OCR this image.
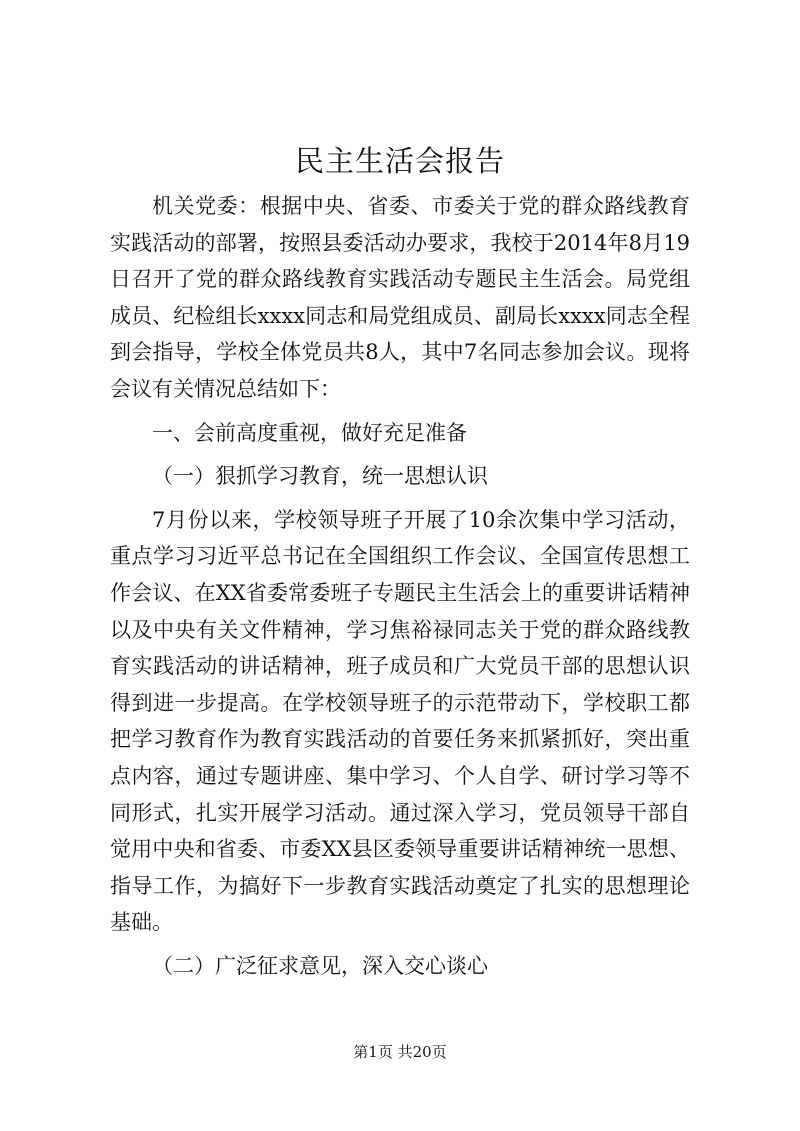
民主生活会报告

机关党委：根据中央、省委、市委关于党的群众路线教育实践活动的部署，按照县委活动办要求，我校于2014年8月19日召开了党的群众路线教育实践活动专题民主生活会。局党组成员、纪检组长xxxx同志和局党组成员、副局长xxxx同志全程到会指导，学校全体党员共8人，其中7名同志参加会议。现将会议有关情况总结如下：

一、会前高度重视，做好充足准备

（一）狠抓学习教育，统一思想认识

7月份以来，学校领导班子开展了10余次集中学习活动，重点学习习近平总书记在全国组织工作会议、全国宣传思想工作会议、在XX省委常委班子专题民主生活会上的重要讲话精神以及中央有关文件精神，学习焦裕禄同志关于党的群众路线教育实践活动的讲话精神，班子成员和广大党员干部的思想认识得到进一步提高。在学校领导班子的示范带动下，学校职工都把学习教育作为教育实践活动的首要任务来抓紧抓好，突出重点内容，通过专题讲座、集中学习、个人自学、研讨学习等不同形式，扎实开展学习活动。通过深入学习，党员领导干部自觉用中央和省委、市委XX县区委领导重要讲话精神统一思想、指导工作，为搞好下一步教育实践活动奠定了扎实的思想理论基础。

（二）广泛征求意见，深入交心谈心

第1页 共20页
